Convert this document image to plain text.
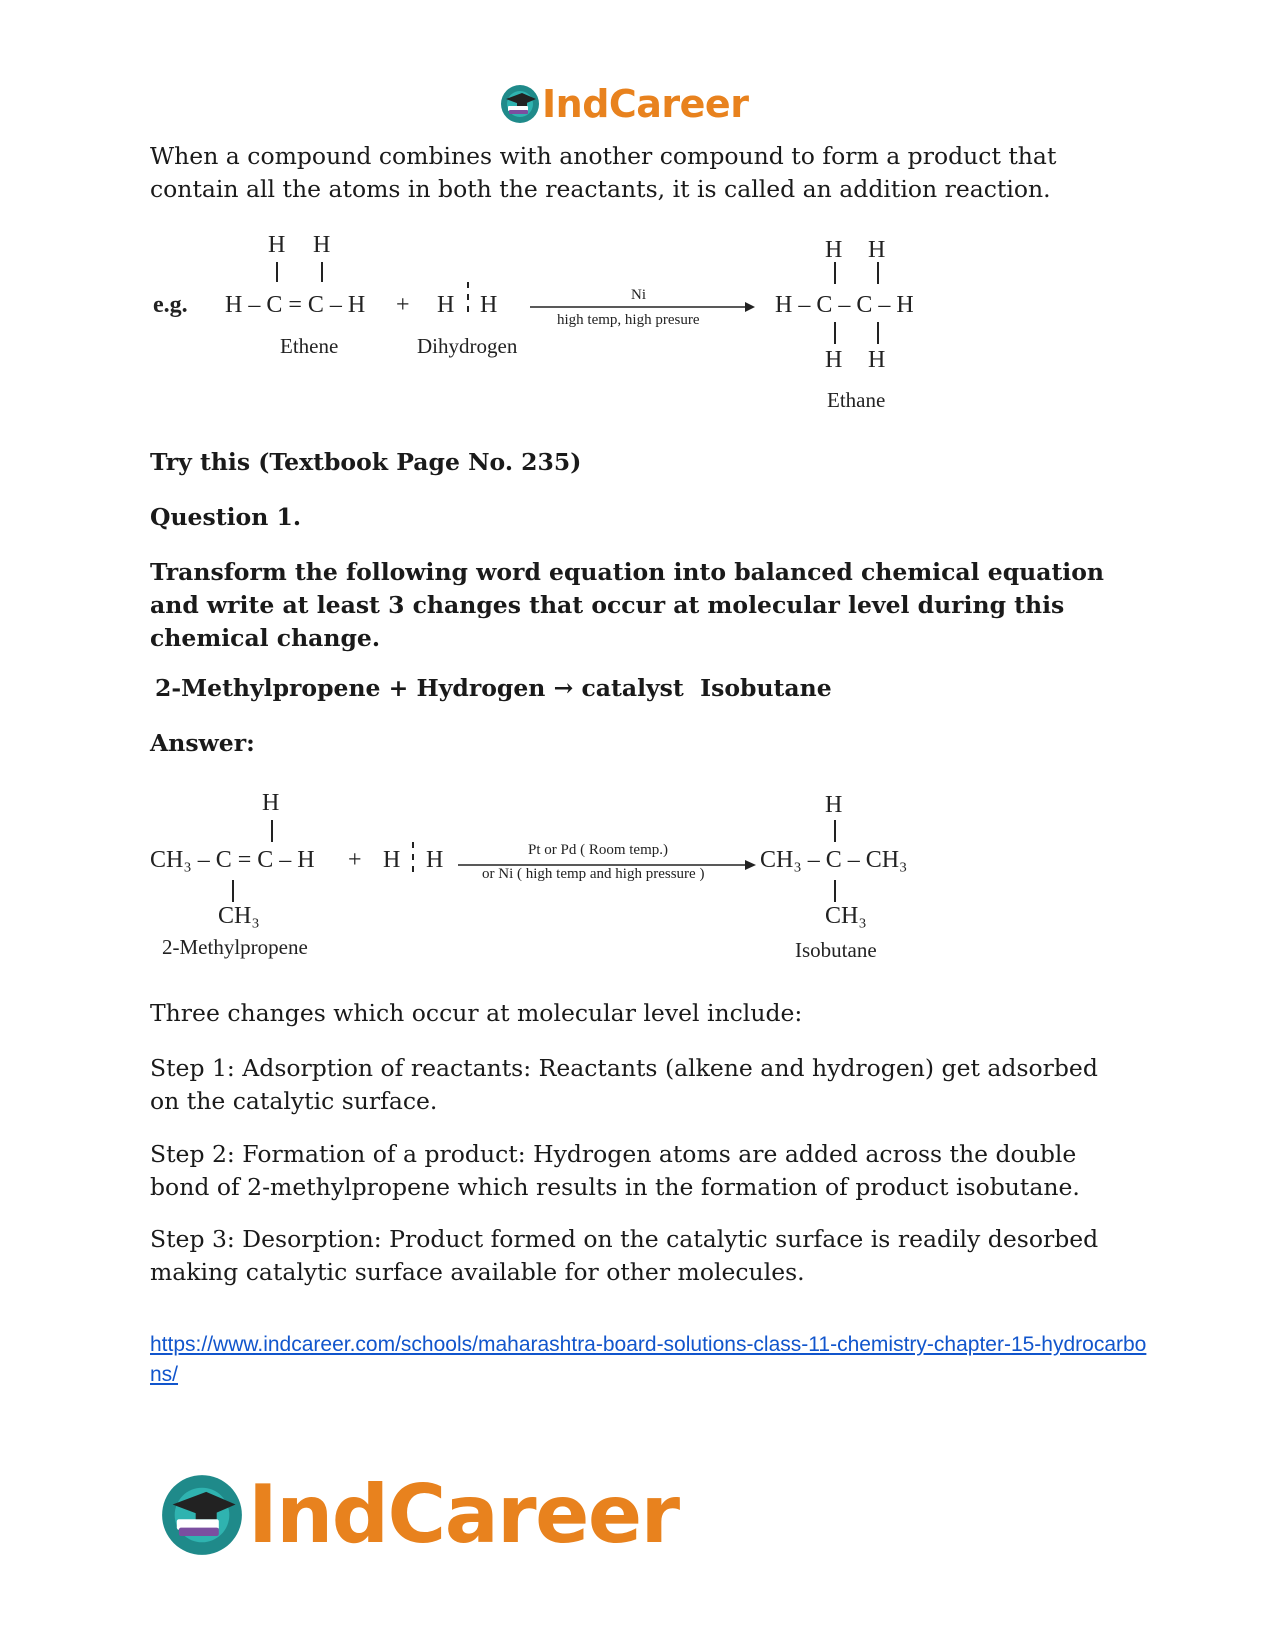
IndCareer
When a compound combines with another compound to form a product that contain all the atoms in both the reactants, it is called an addition reaction.
e.g.
H H
H – C = C – H + H H	Ni
high temp, high presure
H H
H – C – C – H
H H
Ethene	Dihydrogen
Ethane
Try this (Textbook Page No. 235)
Question 1.
Transform the following word equation into balanced chemical equation and write at least 3 changes that occur at molecular level during this chemical change.
2-Methylpropene + Hydrogen → catalyst Isobutane
Answer:
H
CH₃ – C = C – H
CH₃
2-Methylpropene
+ H H	Pt or Pd ( Room temp.)
or Ni ( high temp and high pressure )
H
CH₃ – C – CH₃
CH₃
Isobutane
Three changes which occur at molecular level include:
Step 1: Adsorption of reactants: Reactants (alkene and hydrogen) get adsorbed on the catalytic surface.
Step 2: Formation of a product: Hydrogen atoms are added across the double bond of 2-methylpropene which results in the formation of product isobutane.
Step 3: Desorption: Product formed on the catalytic surface is readily desorbed making catalytic surface available for other molecules.
https://www.indcareer.com/schools/maharashtra-board-solutions-class-11-chemistry-chapter-15-hydrocarbons/
IndCareer
